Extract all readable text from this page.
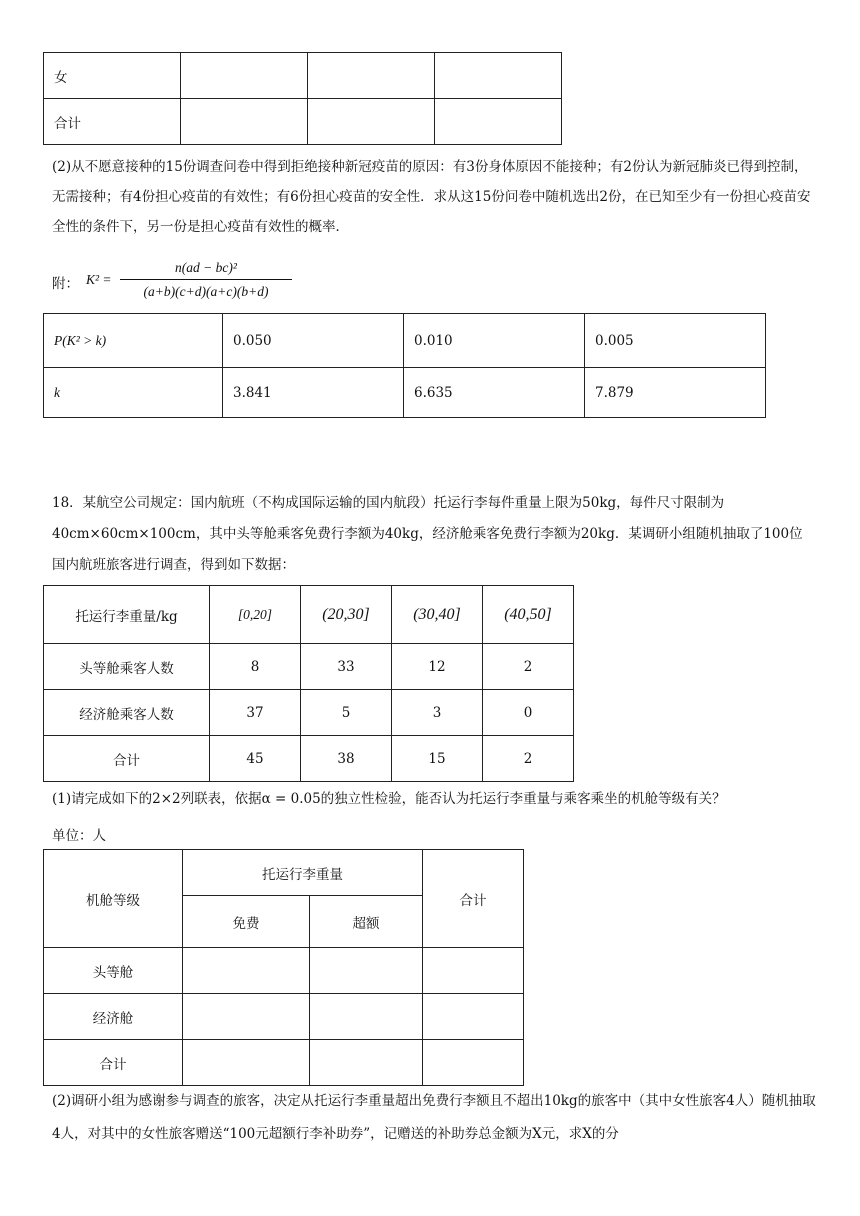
女			
合计			
(2)从不愿意接种的15份调查问卷中得到拒绝接种新冠疫苗的原因：有3份身体原因不能接种；有2份认为新冠肺炎已得到控制，无需接种；有4份担心疫苗的有效性；有6份担心疫苗的安全性．求从这15份问卷中随机选出2份，在已知至少有一份担心疫苗安全性的条件下，另一份是担心疫苗有效性的概率．
附： K² =
n(ad − bc)²
(a+b)(c+d)(a+c)(b+d)
P(K² > k)	0.050	0.010	0.005
k	3.841	6.635	7.879
18．某航空公司规定：国内航班（不构成国际运输的国内航段）托运行李每件重量上限为50kg，每件尺寸限制为40cm×60cm×100cm，其中头等舱乘客免费行李额为40kg，经济舱乘客免费行李额为20kg．某调研小组随机抽取了100位国内航班旅客进行调查，得到如下数据：
托运行李重量/kg	[0,20]	(20,30]	(30,40]	(40,50]
头等舱乘客人数	8	33	12	2
经济舱乘客人数	37	5	3	0
合计	45	38	15	2
(1)请完成如下的2×2列联表，依据α = 0.05的独立性检验，能否认为托运行李重量与乘客乘坐的机舱等级有关？
单位：人
机舱等级	托运行李重量		合计
	免费	超额	
头等舱			
经济舱			
合计			
(2)调研小组为感谢参与调查的旅客，决定从托运行李重量超出免费行李额且不超出10kg的旅客中（其中女性旅客4人）随机抽取4人，对其中的女性旅客赠送“100元超额行李补助券”，记赠送的补助券总金额为X元，求X的分
